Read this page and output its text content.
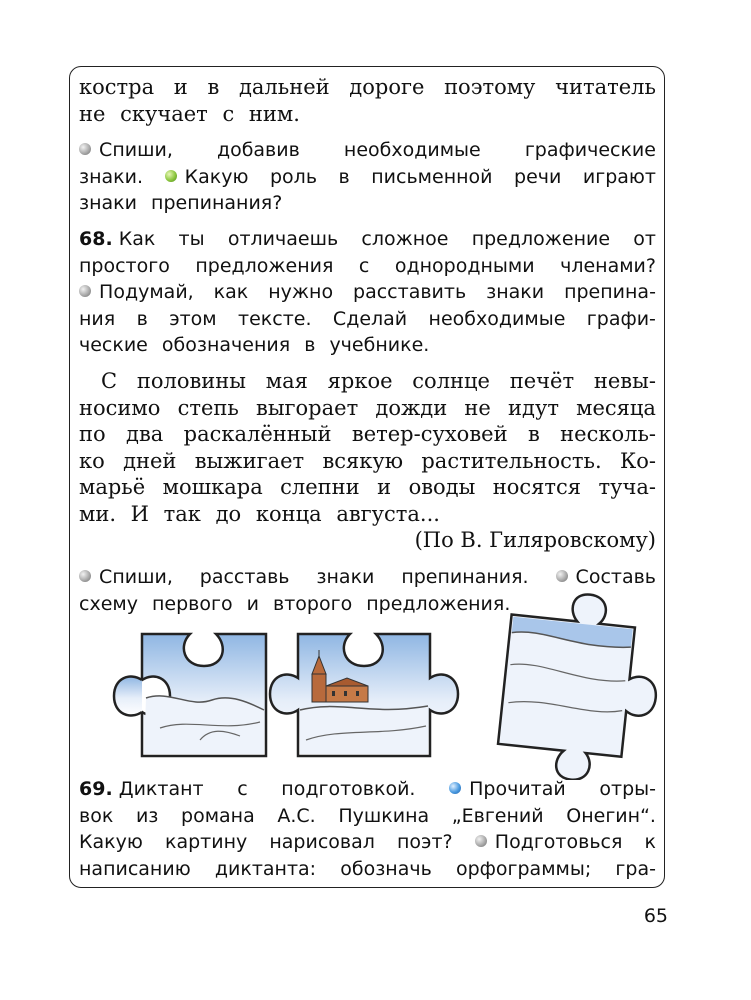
костра и в дальней дороге поэтому читатель
не скучает с ним.
Спиши, добавив необходимые графические
знаки.	Какую роль в письменной речи играют
знаки препинания?
68. Как ты отличаешь сложное предложение от
простого предложения с однородными членами?
Подумай, как нужно расставить знаки препина-
ния в этом тексте. Сделай необходимые графи-
ческие обозначения в учебнике.
С половины мая яркое солнце печёт невы-
носимо степь выгорает дожди не идут месяца
по два раскалённый ветер-суховей в несколь-
ко дней выжигает всякую растительность. Ко-
марьё мошкара слепни и оводы носятся туча-
ми. И так до конца августа...
(По В. Гиляровскому)
Спиши, расставь знаки препинания.	Составь
схему первого и второго предложения.
69. Диктант с подготовкой.	Прочитай отры-
вок из романа А.С. Пушкина „Евгений Онегин“.
Какую картину нарисовал поэт?	Подготовься к
написанию диктанта: обозначь орфограммы; гра-
65
